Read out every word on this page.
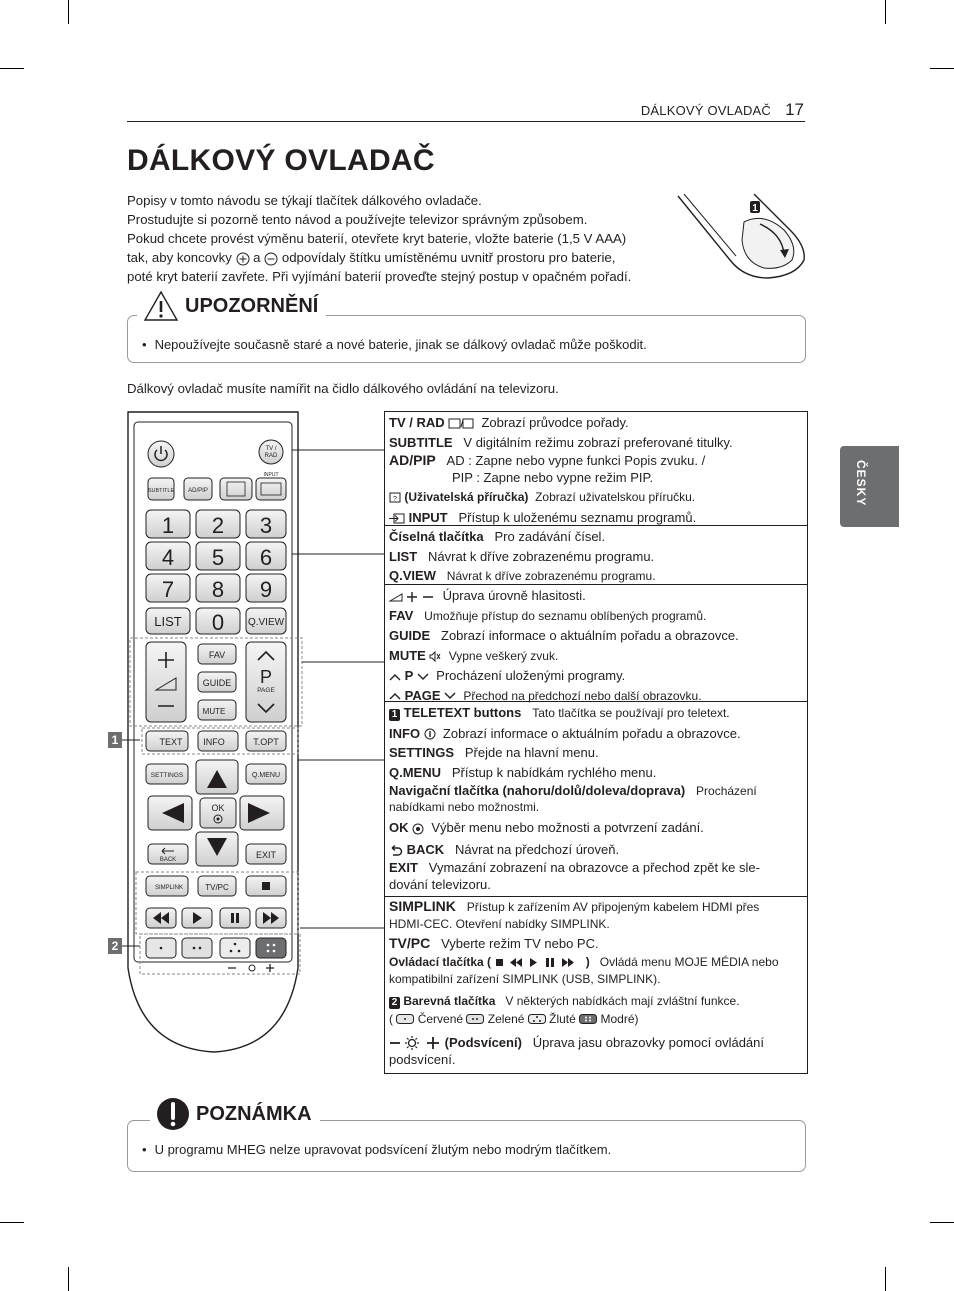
DÁLKOVÝ OVLADAČ 17
DÁLKOVÝ OVLADAČ

Popisy v tomto návodu se týkají tlačítek dálkového ovladače.

Prostudujte si pozorně tento návod a používejte televizor správným způsobem.

Pokud chcete provést výměnu baterií, otevřete kryt baterie, vložte baterie (1,5 V AAA)

tak, aby koncovky a odpovídaly štítku umístěnému uvnitř prostoru pro baterie,

poté kryt baterií zavřete. Při vyjímání baterií proveďte stejný postup v opačném pořadí.

1
UPOZORNĚNÍ
• Nepoužívejte současně staré a nové baterie, jinak se dálkový ovladač může poškodit.
Dálkový ovladač musíte namířit na čidlo dálkového ovládání na televizoru.
TV /
RAD
INPUT
SUBTITLE AD/PIP
1 2 3
4 5 6
7 8 9
LIST 0 Q.VIEW
FAV
GUIDE
MUTE
P
PAGE
TEXT INFO	T.OPT
SETTINGS	Q.MENU
OK
BACK	EXIT
SIMPLINK	TV/PC
1
2
TV / RAD	Zobrazí průvodce pořady.
SUBTITLE V digitálním režimu zobrazí preferované titulky.
AD/PIP AD : Zapne nebo vypne funkci Popis zvuku. /
PIP : Zapne nebo vypne režim PIP.
? (Uživatelská příručka) Zobrazí uživatelskou příručku.
INPUT Přístup k uloženému seznamu programů.
Číselná tlačítka Pro zadávání čísel.
LIST Návrat k dříve zobrazenému programu.
Q.VIEW Návrat k dříve zobrazenému programu.
Úprava úrovně hlasitosti.
FAV Umožňuje přístup do seznamu oblíbených programů.
GUIDE Zobrazí informace o aktuálním pořadu a obrazovce.
MUTE Vypne veškerý zvuk.
P Procházení uloženými programy.
PAGE Přechod na předchozí nebo další obrazovku.
1 TELETEXT buttons Tato tlačítka se používají pro teletext.
INFO Zobrazí informace o aktuálním pořadu a obrazovce.
SETTINGS Přejde na hlavní menu.
Q.MENU Přístup k nabídkám rychlého menu.
Navigační tlačítka (nahoru/dolů/doleva/doprava) Procházení
nabídkami nebo možnostmi.
OK Výběr menu nebo možnosti a potvrzení zadání.
BACK Návrat na předchozí úroveň.
EXIT Vymazání zobrazení na obrazovce a přechod zpět ke sle-
dování televizoru.
SIMPLINK Přístup k zařízením AV připojeným kabelem HDMI přes
HDMI-CEC. Otevření nabídky SIMPLINK.
TV/PC Vyberte režim TV nebo PC.
Ovládací tlačítka (	) Ovládá menu MOJE MÉDIA nebo
kompatibilní zařízení SIMPLINK (USB, SIMPLINK).
2 Barevná tlačítka V některých nabídkách mají zvláštní funkce.
(  Červené Zelené Žluté Modré)
(Podsvícení) Úprava jasu obrazovky pomocí ovládání
podsvícení.
ČESKY
POZNÁMKA
• U programu MHEG nelze upravovat podsvícení žlutým nebo modrým tlačítkem.
